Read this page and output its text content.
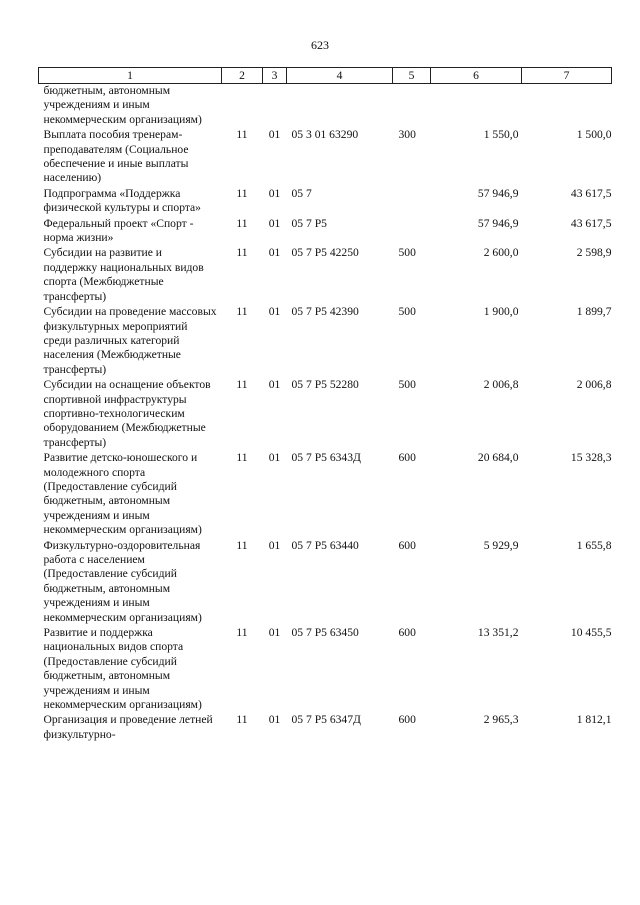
623
1	2	3	4	5	6	7
бюджетным, автономным учреждениям и иным некоммерческим организациям)						
Выплата пособия тренерам-преподавателям (Социальное обеспечение и иные выплаты населению)	11	01	05 3 01 63290	300	1 550,0	1 500,0
Подпрограмма «Поддержка физической культуры и спорта»	11	01	05 7		57 946,9	43 617,5
Федеральный проект «Спорт - норма жизни»	11	01	05 7 P5		57 946,9	43 617,5
Субсидии на развитие и поддержку национальных видов спорта (Межбюджетные трансферты)	11	01	05 7 P5 42250	500	2 600,0	2 598,9
Субсидии на проведение массовых физкультурных мероприятий среди различных категорий населения (Межбюджетные трансферты)	11	01	05 7 P5 42390	500	1 900,0	1 899,7
Субсидии на оснащение объектов спортивной инфраструктуры спортивно-технологическим оборудованием (Межбюджетные трансферты)	11	01	05 7 P5 52280	500	2 006,8	2 006,8
Развитие детско-юношеского и молодежного спорта (Предоставление субсидий бюджетным, автономным учреждениям и иным некоммерческим организациям)	11	01	05 7 P5 6343Д	600	20 684,0	15 328,3
Физкультурно-оздоровительная работа с населением (Предоставление субсидий бюджетным, автономным учреждениям и иным некоммерческим организациям)	11	01	05 7 P5 63440	600	5 929,9	1 655,8
Развитие и поддержка национальных видов спорта (Предоставление субсидий бюджетным, автономным учреждениям и иным некоммерческим организациям)	11	01	05 7 P5 63450	600	13 351,2	10 455,5
Организация и проведение летней физкультурно-	11	01	05 7 P5 6347Д	600	2 965,3	1 812,1
